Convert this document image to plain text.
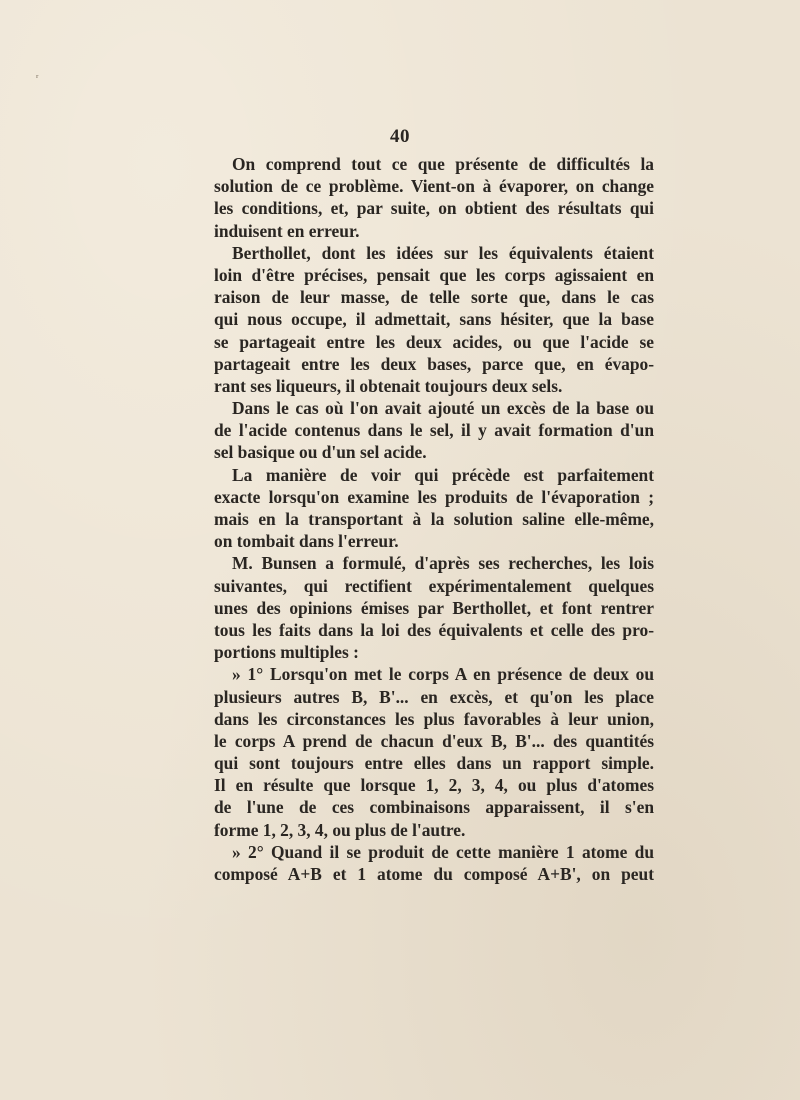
ʳ
40
On comprend tout ce que présente de difficultés la
solution de ce problème. Vient-on à évaporer, on change
les conditions, et, par suite, on obtient des résultats qui
induisent en erreur.
Berthollet, dont les idées sur les équivalents étaient
loin d'être précises, pensait que les corps agissaient en
raison de leur masse, de telle sorte que, dans le cas
qui nous occupe, il admettait, sans hésiter, que la base
se partageait entre les deux acides, ou que l'acide se
partageait entre les deux bases, parce que, en évapo-
rant ses liqueurs, il obtenait toujours deux sels.
Dans le cas où l'on avait ajouté un excès de la base ou
de l'acide contenus dans le sel, il y avait formation d'un
sel basique ou d'un sel acide.
La manière de voir qui précède est parfaitement
exacte lorsqu'on examine les produits de l'évaporation ;
mais en la transportant à la solution saline elle-même,
on tombait dans l'erreur.
M. Bunsen a formulé, d'après ses recherches, les lois
suivantes, qui rectifient expérimentalement quelques
unes des opinions émises par Berthollet, et font rentrer
tous les faits dans la loi des équivalents et celle des pro-
portions multiples :
» 1° Lorsqu'on met le corps A en présence de deux ou
plusieurs autres B, B'... en excès, et qu'on les place
dans les circonstances les plus favorables à leur union,
le corps A prend de chacun d'eux B, B'... des quantités
qui sont toujours entre elles dans un rapport simple.
Il en résulte que lorsque 1, 2, 3, 4, ou plus d'atomes
de l'une de ces combinaisons apparaissent, il s'en
forme 1, 2, 3, 4, ou plus de l'autre.
» 2° Quand il se produit de cette manière 1 atome du
composé A+B et 1 atome du composé A+B', on peut
